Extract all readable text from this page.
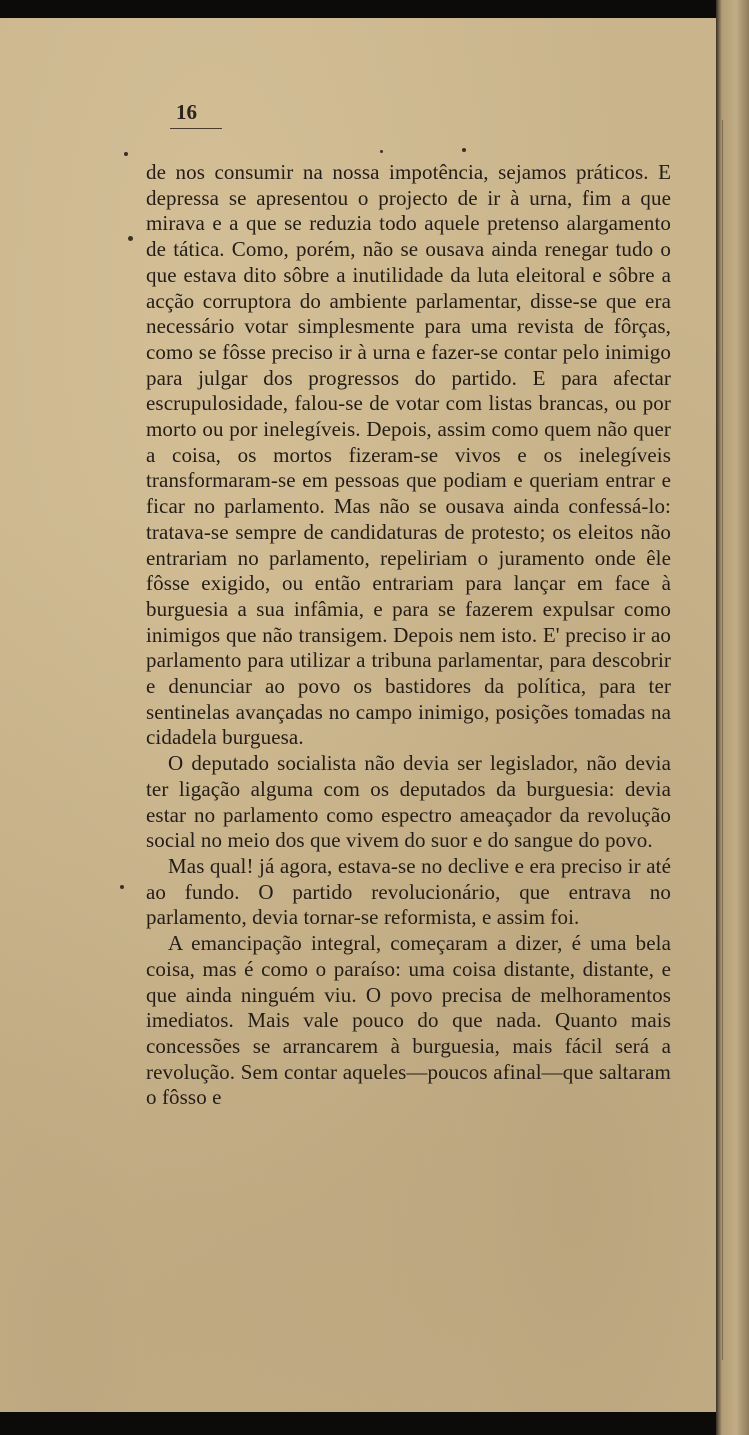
16

de nos consumir na nossa impotência, sejamos práticos. E depressa se apresentou o projecto de ir à urna, fim a que mirava e a que se reduzia todo aquele pretenso alargamento de tática. Como, porém, não se ousava ainda renegar tudo o que estava dito sôbre a inutilidade da luta eleitoral e sôbre a acção corruptora do ambiente parlamentar, disse-se que era necessário votar simplesmente para uma revista de fôrças, como se fôsse preciso ir à urna e fazer-se contar pelo inimigo para julgar dos progressos do partido. E para afectar escrupulosidade, falou-se de votar com listas brancas, ou por morto ou por inelegíveis. Depois, assim como quem não quer a coisa, os mortos fizeram-se vivos e os inelegíveis transformaram-se em pessoas que podiam e queriam entrar e ficar no parlamento. Mas não se ousava ainda confessá-lo: tratava-se sempre de candidaturas de protesto; os eleitos não entrariam no parlamento, repeliriam o juramento onde êle fôsse exigido, ou então entrariam para lançar em face à burguesia a sua infâmia, e para se fazerem expulsar como inimigos que não transigem. Depois nem isto. E' preciso ir ao parlamento para utilizar a tribuna parlamentar, para descobrir e denunciar ao povo os bastidores da política, para ter sentinelas avançadas no campo inimigo, posições tomadas na cidadela burguesa.

O deputado socialista não devia ser legislador, não devia ter ligação alguma com os deputados da burguesia: devia estar no parlamento como espectro ameaçador da revolução social no meio dos que vivem do suor e do sangue do povo.

Mas qual! já agora, estava-se no declive e era preciso ir até ao fundo. O partido revolucionário, que entrava no parlamento, devia tornar-se reformista, e assim foi.

A emancipação integral, começaram a dizer, é uma bela coisa, mas é como o paraíso: uma coisa distante, distante, e que ainda ninguém viu. O povo precisa de melhoramentos imediatos. Mais vale pouco do que nada. Quanto mais concessões se arrancarem à burguesia, mais fácil será a revolução. Sem contar aqueles—poucos afinal—que saltaram o fôsso e
